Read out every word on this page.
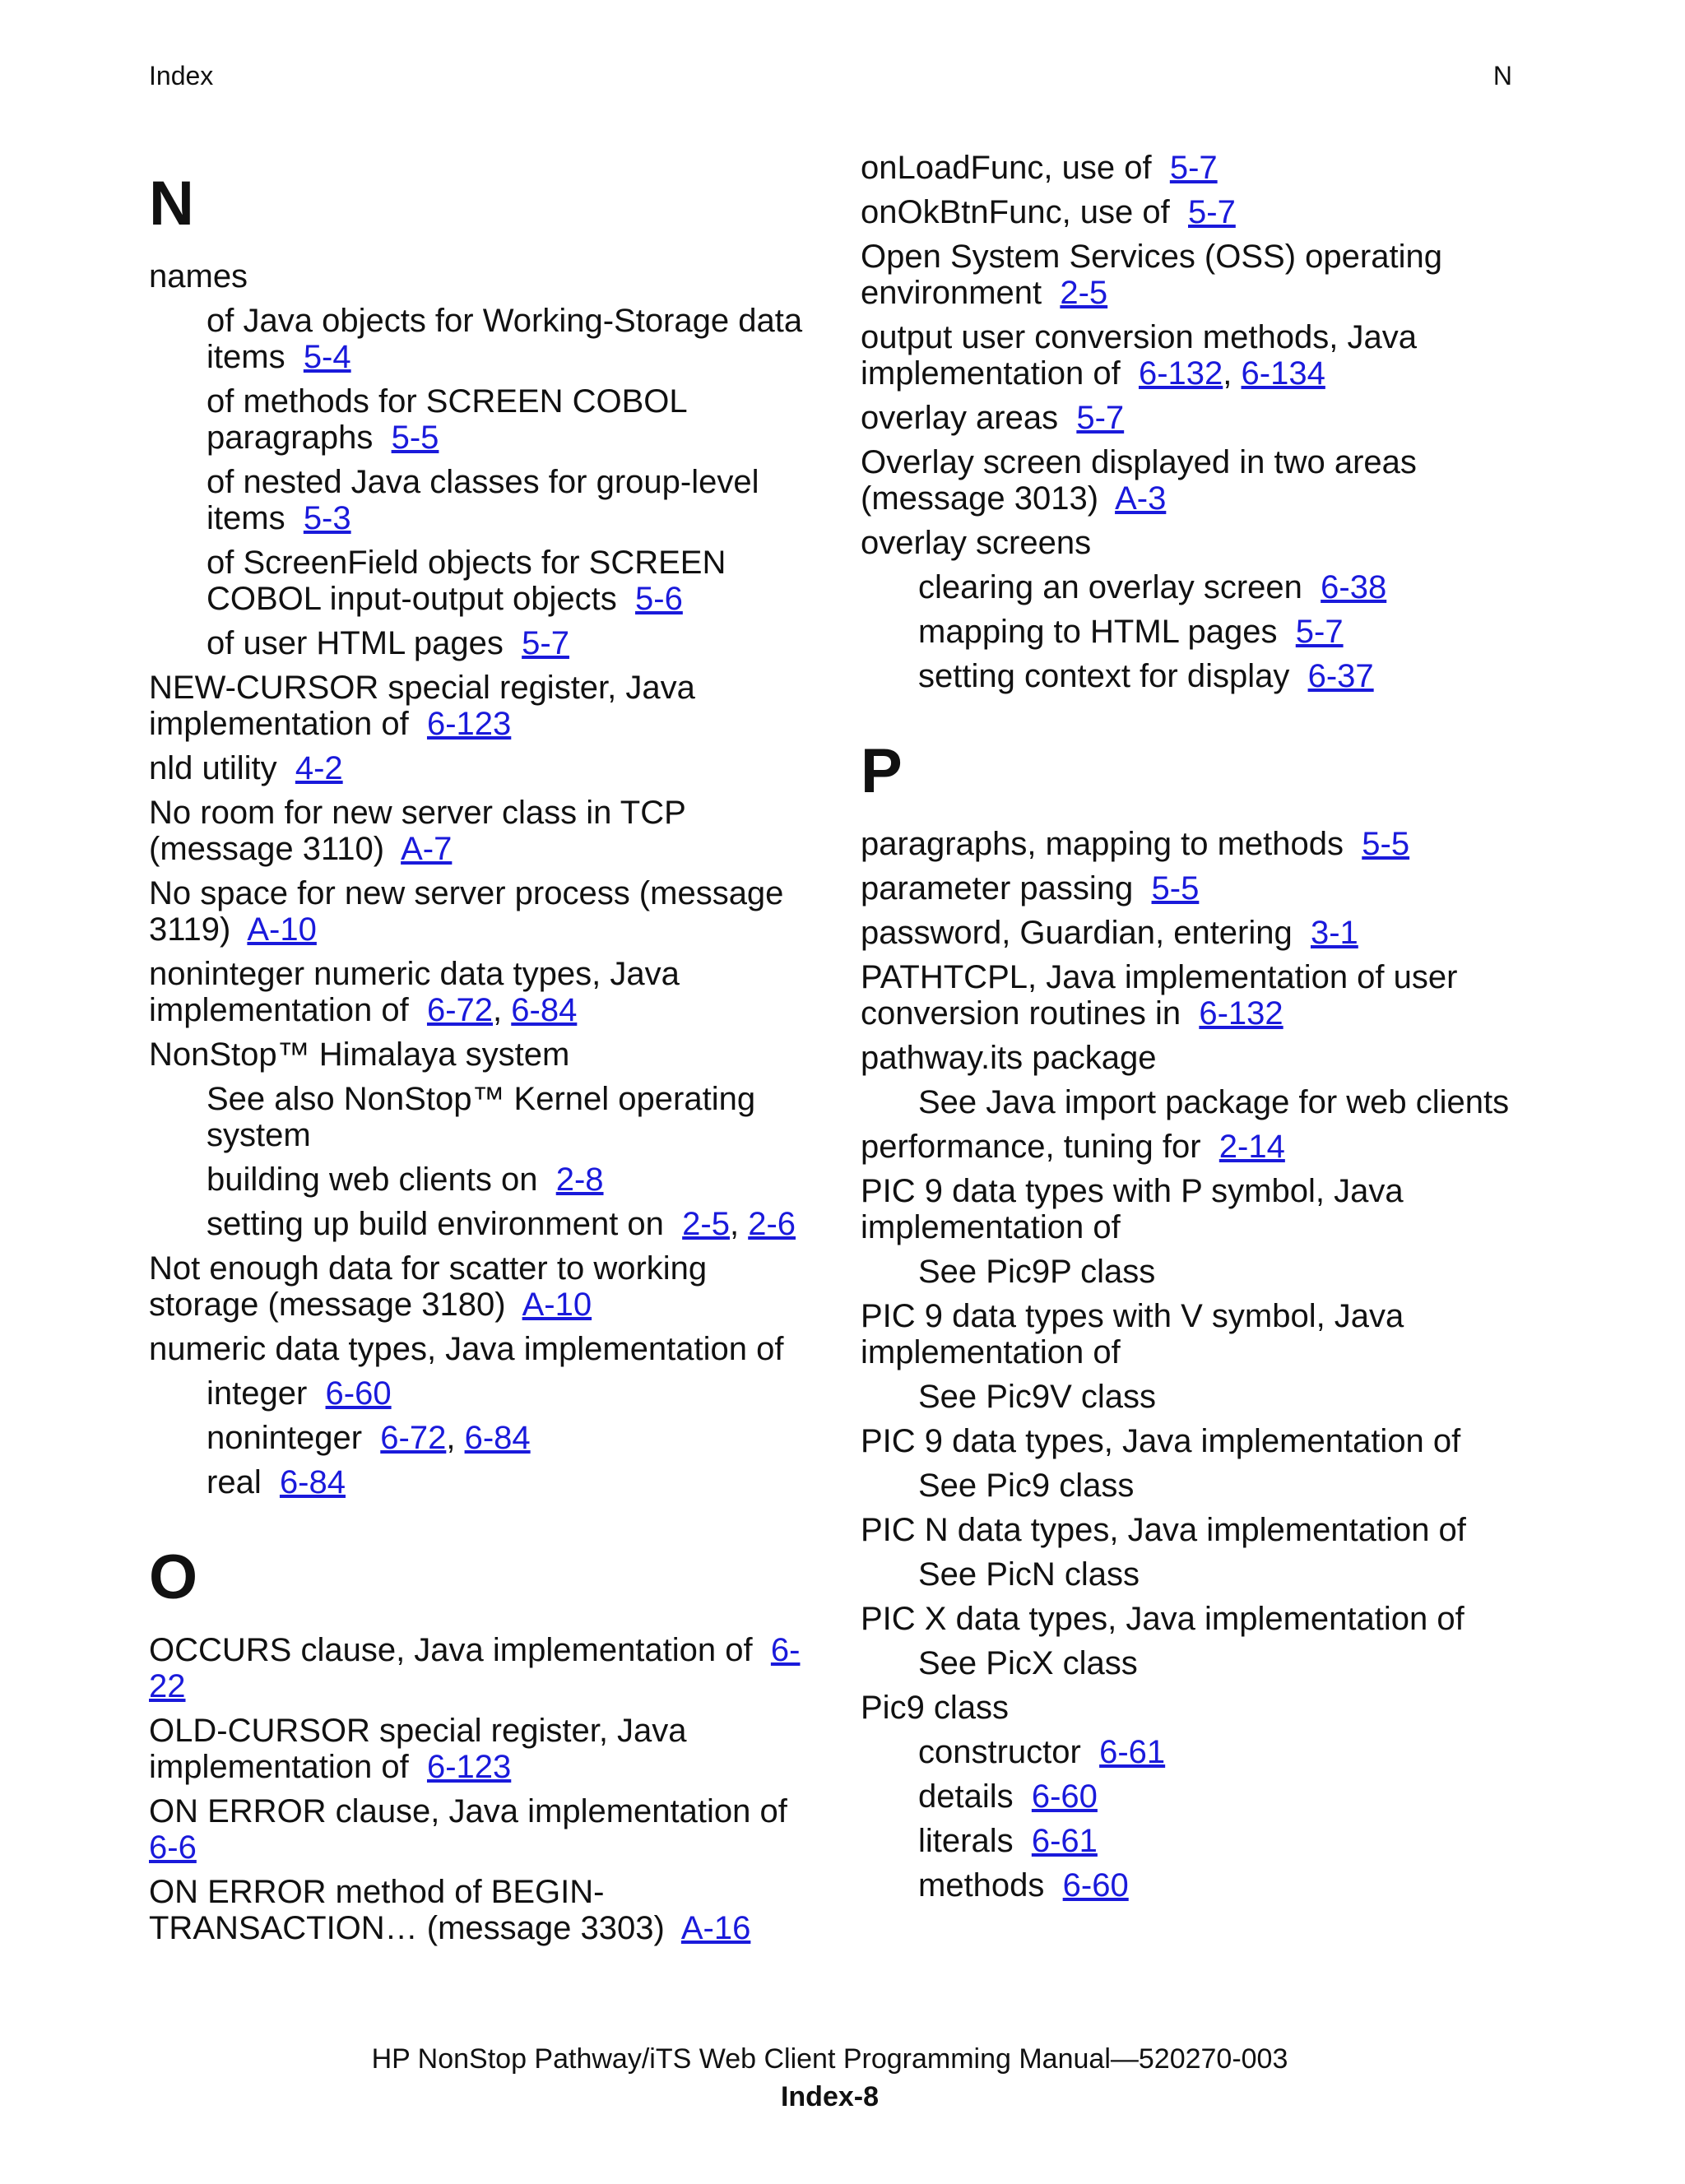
Index	N
N
names
of Java objects for Working-Storage data items 5-4
of methods for SCREEN COBOL paragraphs 5-5
of nested Java classes for group-level items 5-3
of ScreenField objects for SCREEN COBOL input-output objects 5-6
of user HTML pages 5-7
NEW-CURSOR special register, Java implementation of 6-123
nld utility 4-2
No room for new server class in TCP (message 3110) A-7
No space for new server process (message 3119) A-10
noninteger numeric data types, Java implementation of 6-72, 6-84
NonStop™ Himalaya system
See also NonStop™ Kernel operating system
building web clients on 2-8
setting up build environment on 2-5, 2-6
Not enough data for scatter to working storage (message 3180) A-10
numeric data types, Java implementation of
integer 6-60
noninteger 6-72, 6-84
real 6-84
O
OCCURS clause, Java implementation of 6-22
OLD-CURSOR special register, Java implementation of 6-123
ON ERROR clause, Java implementation of  6-6
ON ERROR method of BEGIN-TRANSACTION… (message 3303) A-16
onLoadFunc, use of 5-7
onOkBtnFunc, use of 5-7
Open System Services (OSS) operating environment 2-5
output user conversion methods, Java implementation of 6-132, 6-134
overlay areas 5-7
Overlay screen displayed in two areas (message 3013) A-3
overlay screens
clearing an overlay screen 6-38
mapping to HTML pages 5-7
setting context for display 6-37
P
paragraphs, mapping to methods 5-5
parameter passing 5-5
password, Guardian, entering 3-1
PATHTCPL, Java implementation of user conversion routines in 6-132
pathway.its package
See Java import package for web clients
performance, tuning for 2-14
PIC 9 data types with P symbol, Java implementation of
See Pic9P class
PIC 9 data types with V symbol, Java implementation of
See Pic9V class
PIC 9 data types, Java implementation of
See Pic9 class
PIC N data types, Java implementation of
See PicN class
PIC X data types, Java implementation of
See PicX class
Pic9 class
constructor 6-61
details 6-60
literals 6-61
methods 6-60
HP NonStop Pathway/iTS Web Client Programming Manual—520270-003
Index-8
